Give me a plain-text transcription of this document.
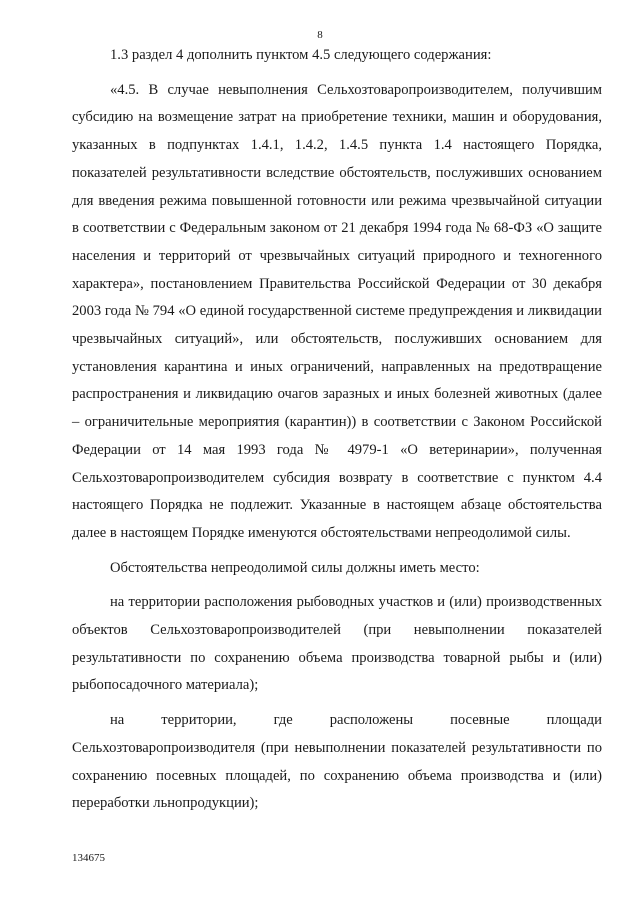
8

1.3 раздел 4 дополнить пунктом 4.5 следующего содержания:

«4.5. В случае невыполнения Сельхозтоваропроизводителем, получившим субсидию на возмещение затрат на приобретение техники, машин и оборудования, указанных в подпунктах 1.4.1, 1.4.2, 1.4.5 пункта 1.4 настоящего Порядка, показателей результативности вследствие обстоятельств, послуживших основанием для введения режима повышенной готовности или режима чрезвычайной ситуации в соответствии с Федеральным законом от 21 декабря 1994 года № 68-ФЗ «О защите населения и территорий от чрезвычайных ситуаций природного и техногенного характера», постановлением Правительства Российской Федерации от 30 декабря 2003 года № 794 «О единой государственной системе предупреждения и ликвидации чрезвычайных ситуаций», или обстоятельств, послуживших основанием для установления карантина и иных ограничений, направленных на предотвращение распространения и ликвидацию очагов заразных и иных болезней животных (далее – ограничительные мероприятия (карантин)) в соответствии с Законом Российской Федерации от 14 мая 1993 года № 4979-1 «О ветеринарии», полученная Сельхозтоваропроизводителем субсидия возврату в соответствие с пунктом 4.4 настоящего Порядка не подлежит. Указанные в настоящем абзаце обстоятельства далее в настоящем Порядке именуются обстоятельствами непреодолимой силы.

Обстоятельства непреодолимой силы должны иметь место:

на территории расположения рыбоводных участков и (или) производственных объектов Сельхозтоваропроизводителей (при невыполнении показателей результативности по сохранению объема производства товарной рыбы и (или) рыбопосадочного материала);

на территории, где расположены посевные площади Сельхозтоваропроизводителя (при невыполнении показателей результативности по сохранению посевных площадей, по сохранению объема производства и (или) переработки льнопродукции);

134675
